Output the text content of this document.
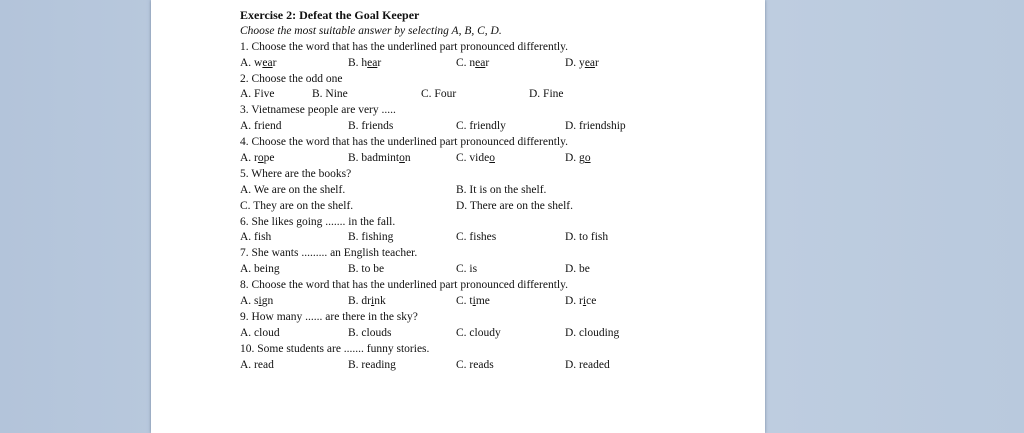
Exercise 2: Defeat the Goal Keeper
Choose the most suitable answer by selecting A, B, C, D.
1. Choose the word that has the underlined part pronounced differently.
A. wear	B. hear	C. near	D. year
2. Choose the odd one
A. Five	B. Nine	C. Four	D. Fine
3. Vietnamese people are very .....
A. friend	B. friends	C. friendly	D. friendship
4. Choose the word that has the underlined part pronounced differently.
A. rope	B. badminton	C. video	D. go
5. Where are the books?
A. We are on the shelf.	B. It is on the shelf.
C. They are on the shelf.	D. There are on the shelf.
6. She likes going ....... in the fall.
A. fish	B. fishing	C. fishes	D. to fish
7. She wants ......... an English teacher.
A. being	B. to be	C. is	D. be
8. Choose the word that has the underlined part pronounced differently.
A. sign	B. drink	C. time	D. rice
9. How many ...... are there in the sky?
A. cloud	B. clouds	C. cloudy	D. clouding
10. Some students are ....... funny stories.
A. read	B. reading	C. reads	D. readed
